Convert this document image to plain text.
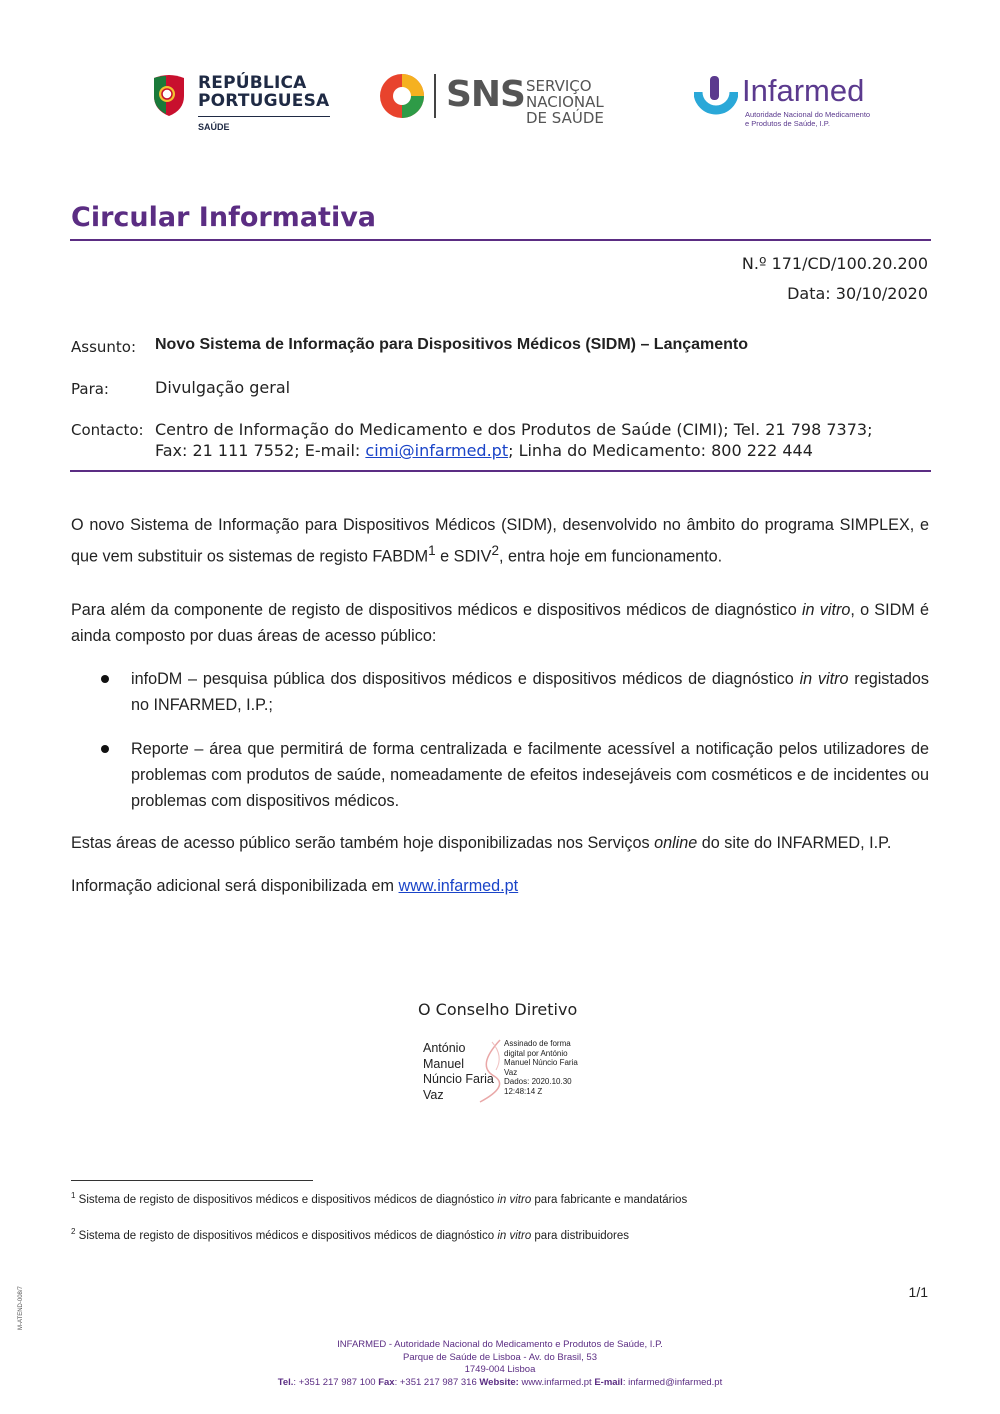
REPÚBLICA
PORTUGUESA
SAÚDE
SNS SERVIÇO NACIONAL
DE SAÚDE
Infarmed
Autoridade Nacional do Medicamento
e Produtos de Saúde, I.P.
Circular Informativa
N.º 171/CD/100.20.200
Data: 30/10/2020
Assunto: Novo Sistema de Informação para Dispositivos Médicos (SIDM) – Lançamento
Para:	Divulgação geral
Contacto: Centro de Informação do Medicamento e dos Produtos de Saúde (CIMI); Tel. 21 798 7373;
Fax: 21 111 7552; E-mail: cimi@infarmed.pt; Linha do Medicamento: 800 222 444
O novo Sistema de Informação para Dispositivos Médicos (SIDM), desenvolvido no âmbito do programa SIMPLEX, e que vem substituir os sistemas de registo FABDM$^1$ e SDIV$^2$, entra hoje em funcionamento.
Para além da componente de registo de dispositivos médicos e dispositivos médicos de diagnóstico in vitro, o SIDM é ainda composto por duas áreas de acesso público:
infoDM – pesquisa pública dos dispositivos médicos e dispositivos médicos de diagnóstico in vitro registados no INFARMED, I.P.;
Reporte – área que permitirá de forma centralizada e facilmente acessível a notificação pelos utilizadores de problemas com produtos de saúde, nomeadamente de efeitos indesejáveis com cosméticos e de incidentes ou problemas com dispositivos médicos.
Estas áreas de acesso público serão também hoje disponibilizadas nos Serviços online do site do INFARMED, I.P.
Informação adicional será disponibilizada em www.infarmed.pt
O Conselho Diretivo
António
Manuel
Núncio Faria
Vaz
Assinado de forma
digital por António
Manuel Núncio Faria
Vaz
Dados: 2020.10.30
12:48:14 Z
$^1$ Sistema de registo de dispositivos médicos e dispositivos médicos de diagnóstico in vitro para fabricante e mandatários
$^2$ Sistema de registo de dispositivos médicos e dispositivos médicos de diagnóstico in vitro para distribuidores
1/1
M-ATEND-008/7
INFARMED - Autoridade Nacional do Medicamento e Produtos de Saúde, I.P.
Parque de Saúde de Lisboa - Av. do Brasil, 53
1749-004 Lisboa
Tel.: +351 217 987 100 Fax: +351 217 987 316 Website: www.infarmed.pt E-mail: infarmed@infarmed.pt
